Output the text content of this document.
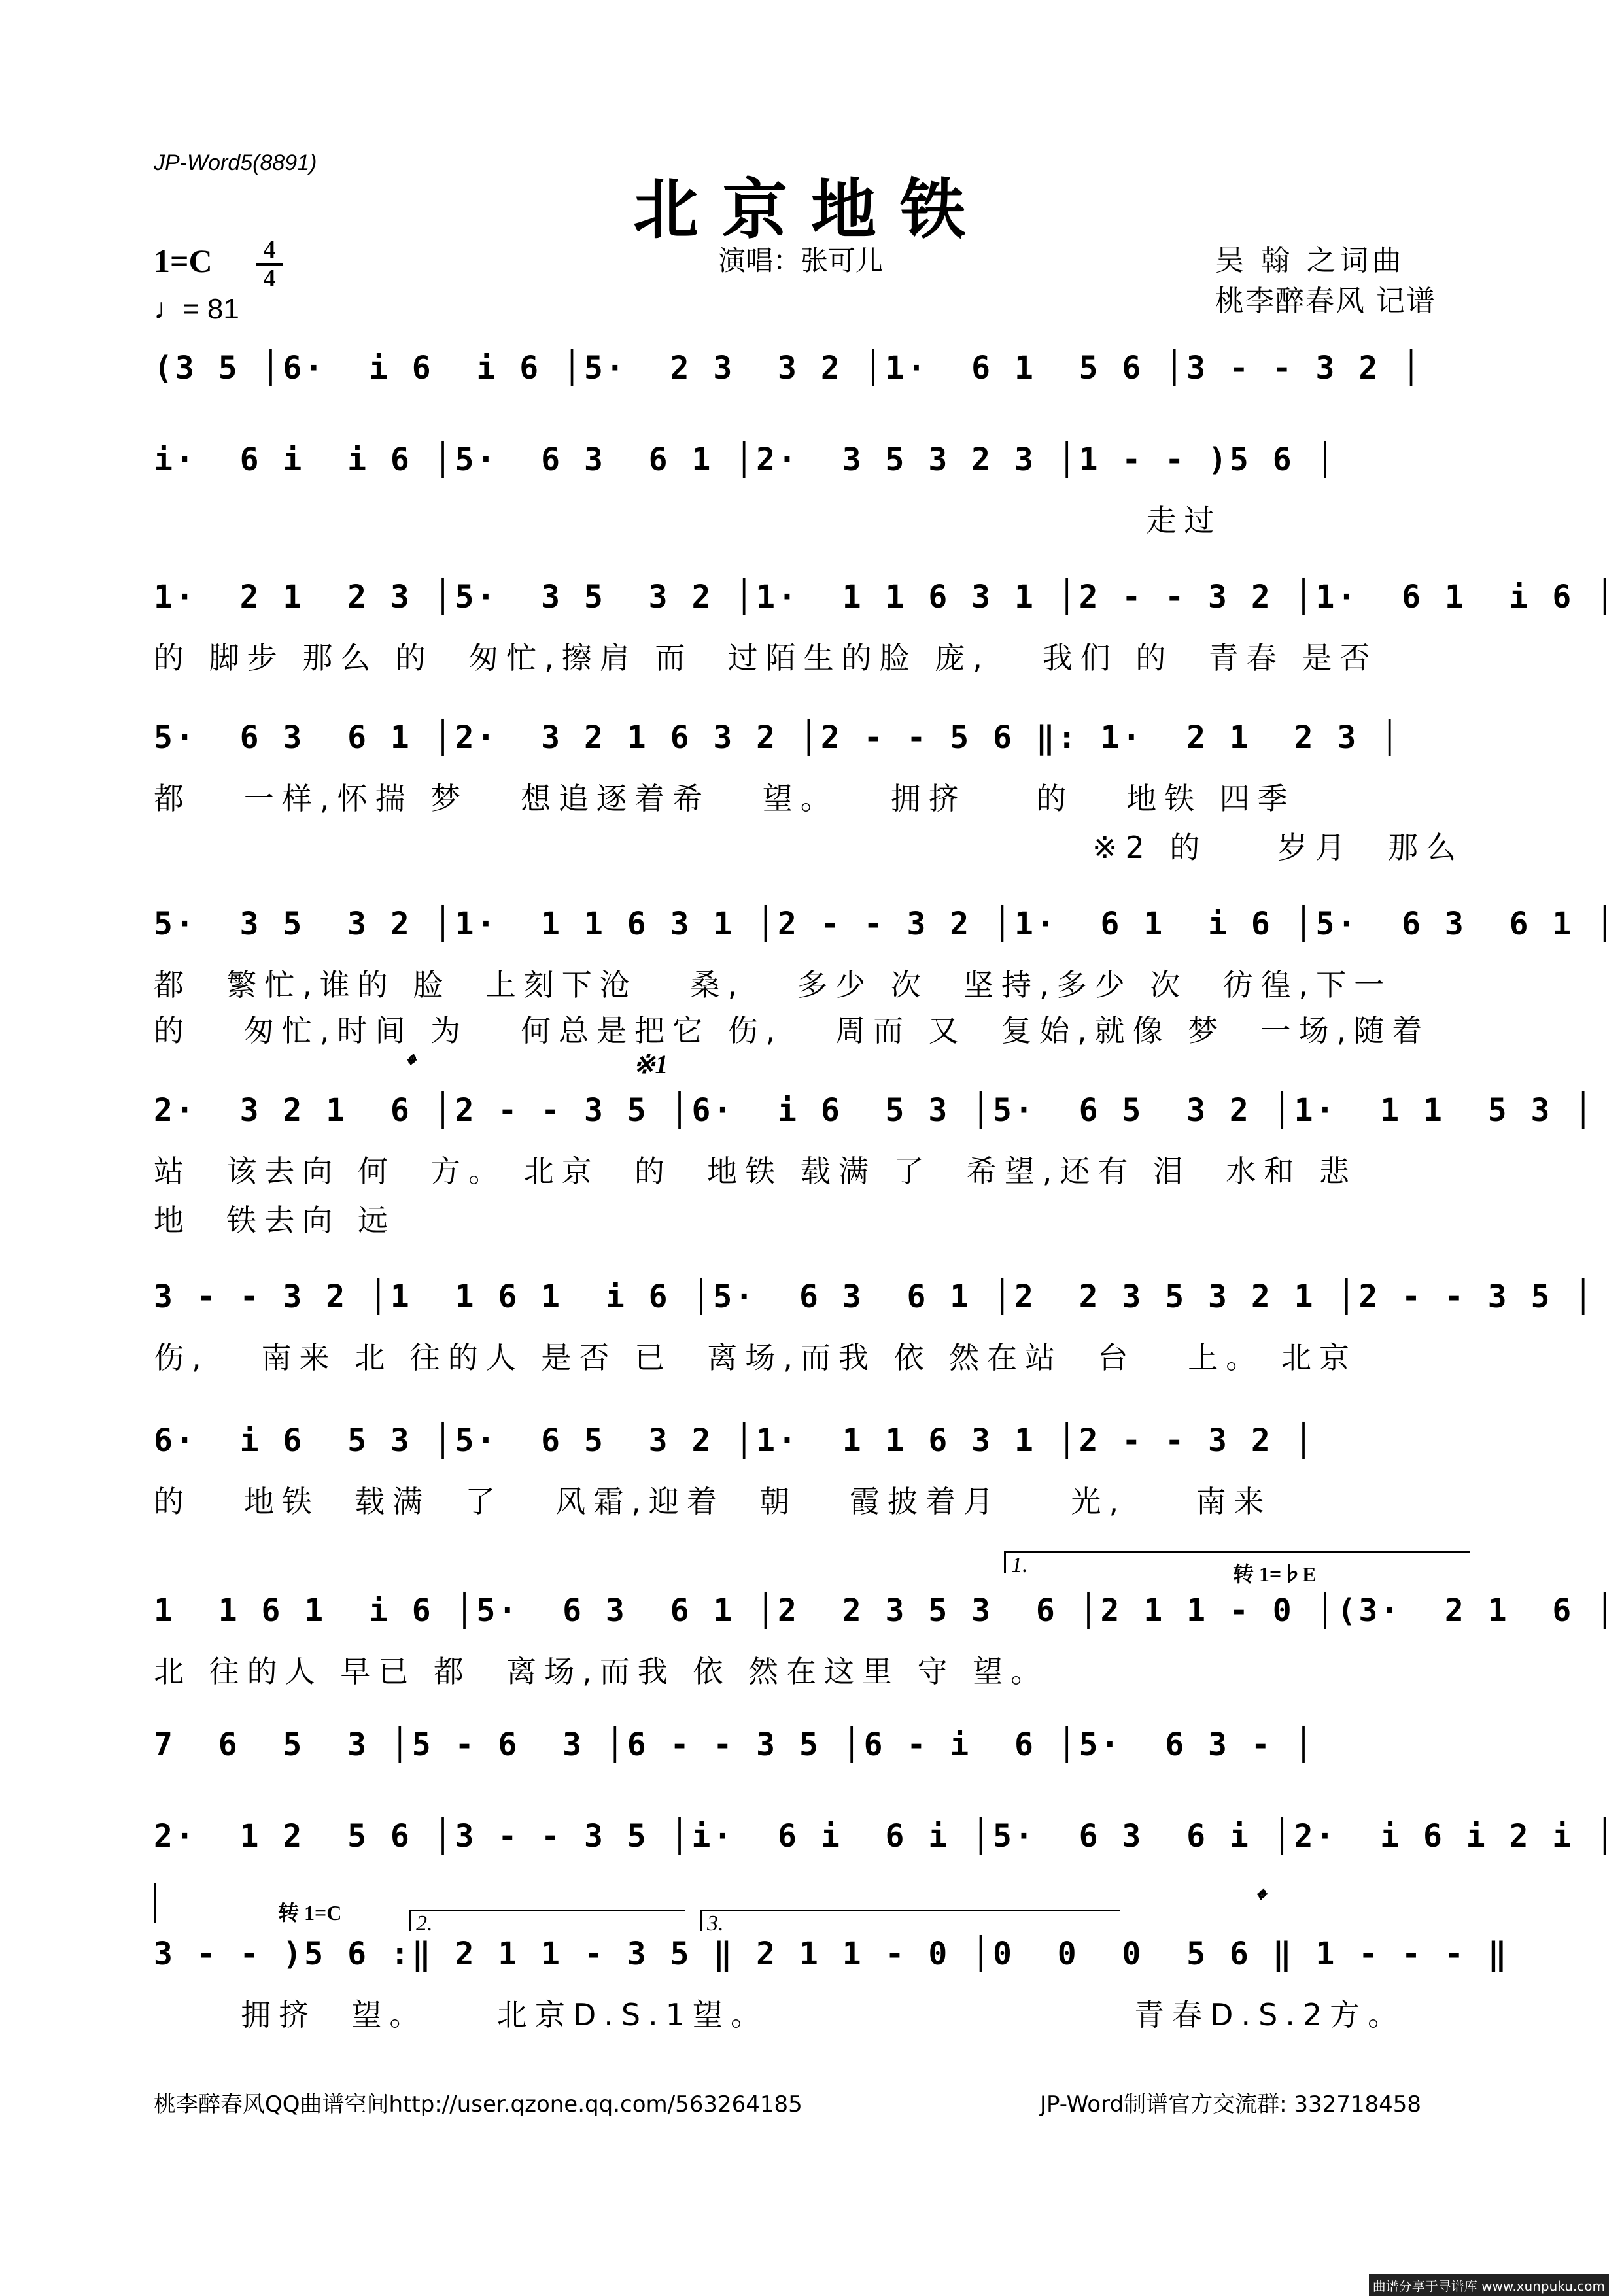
JP-Word5(8891)
北京地铁
1=C 4
4
♩= 81
演唱：张可儿	吴 翰 之词曲
桃李醉春风 记谱
(3 5 │6·  i 6  i 6 │5·  2 3  3 2 │1·  6 1  5 6 │3 - - 3 2 │
i·  6 i  i 6 │5·  6 3  6 1 │2·  3 5 3 2 3 │1 - - )5 6 │
走过
1·  2 1  2 3 │5·  3 5  3 2 │1·  1 1 6 3 1 │2 - - 3 2 │1·  6 1  i 6 │
的 脚步 那么 的  匆忙,擦肩 而  过陌生的脸 庞,   我们 的  青春 是否
5·  6 3  6 1 │2·  3 2 1 6 3 2 │2 - - 5 6 ‖: 1·  2 1  2 3 │
都   一样,怀揣 梦   想追逐着希   望。   拥挤    的   地铁 四季
※2 的    岁月  那么
5·  3 5  3 2 │1·  1 1 6 3 1 │2 - - 3 2 │1·  6 1  i 6 │5·  6 3  6 1 │
都  繁忙,谁的 脸  上刻下沧   桑,   多少 次  坚持,多少 次  彷徨,下一
的   匆忙,时间 为   何总是把它 伤,   周而 又  复始,就像 梦  一场,随着
𝄌	※1
2·  3 2 1  6 │2 - - 3 5 │6·  i 6  5 3 │5·  6 5  3 2 │1·  1 1  5 3 │
站  该去向 何  方。 北京  的  地铁 载满 了  希望,还有 泪  水和 悲
地  铁去向 远
3 - - 3 2 │1  1 6 1  i 6 │5·  6 3  6 1 │2  2 3 5 3 2 1 │2 - - 3 5 │
伤,   南来 北 往的人 是否 已  离场,而我 依 然在站  台   上。 北京
6·  i 6  5 3 │5·  6 5  3 2 │1·  1 1 6 3 1 │2 - - 3 2 │
的   地铁  载满  了   风霜,迎着  朝   霞披着月    光,    南来
1.	转 1=♭E
1  1 6 1  i 6 │5·  6 3  6 1 │2  2 3 5 3  6 │2 1 1 - 0 │(3·  2 1  6 │
北 往的人 早已 都  离场,而我 依 然在这里 守 望。
7  6  5  3 │5 - 6  3 │6 - - 3 5 │6 - i  6 │5·  6 3 - │
2·  1 2  5 6 │3 - - 3 5 │i·  6 i  6 i │5·  6 3  6 i │2·  i 6 i 2 i │
转 1=C	2.	3.
𝄌
3 - - )5 6 :‖ 2 1 1 - 3 5 ‖ 2 1 1 - 0 │0  0  0  5 6 ‖ 1 - - - ‖
拥挤  望。    北京D.S.1望。                     青春D.S.2方。
桃李醉春风QQ曲谱空间http://user.qzone.qq.com/563264185	JP-Word制谱官方交流群: 332718458
曲谱分享于寻谱库 www.xunpuku.com
